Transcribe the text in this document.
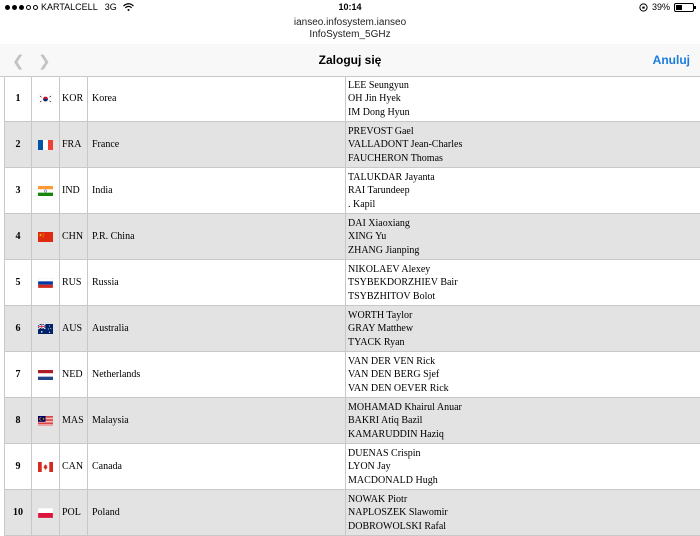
KARTALCELL 3G	10:14	39%
ianseo.infosystem.ianseo
InfoSystem_5GHz
❮ ❯	Zaloguj się	Anuluj
1	KOR Korea
LEE Seungyun
OH Jin Hyek
IM Dong Hyun
2	FRA	France
PREVOST Gael
VALLADONT Jean-Charles
FAUCHERON Thomas
3	IND	India
TALUKDAR Jayanta
RAI Tarundeep
. Kapil
4	CHN P.R. China
DAI Xiaoxiang
XING Yu
ZHANG Jianping
5	RUS	Russia
NIKOLAEV Alexey
TSYBEKDORZHIEV Bair
TSYBZHITOV Bolot
6	AUS Australia
WORTH Taylor
GRAY Matthew
TYACK Ryan
7	NED Netherlands
VAN DER VEN Rick
VAN DEN BERG Sjef
VAN DEN OEVER Rick
8	MAS Malaysia
MOHAMAD Khairul Anuar
BAKRI Atiq Bazil
KAMARUDDIN Haziq
9	CAN Canada
DUENAS Crispin
LYON Jay
MACDONALD Hugh
10	POL	Poland
NOWAK Piotr
NAPLOSZEK Slawomir
DOBROWOLSKI Rafal
